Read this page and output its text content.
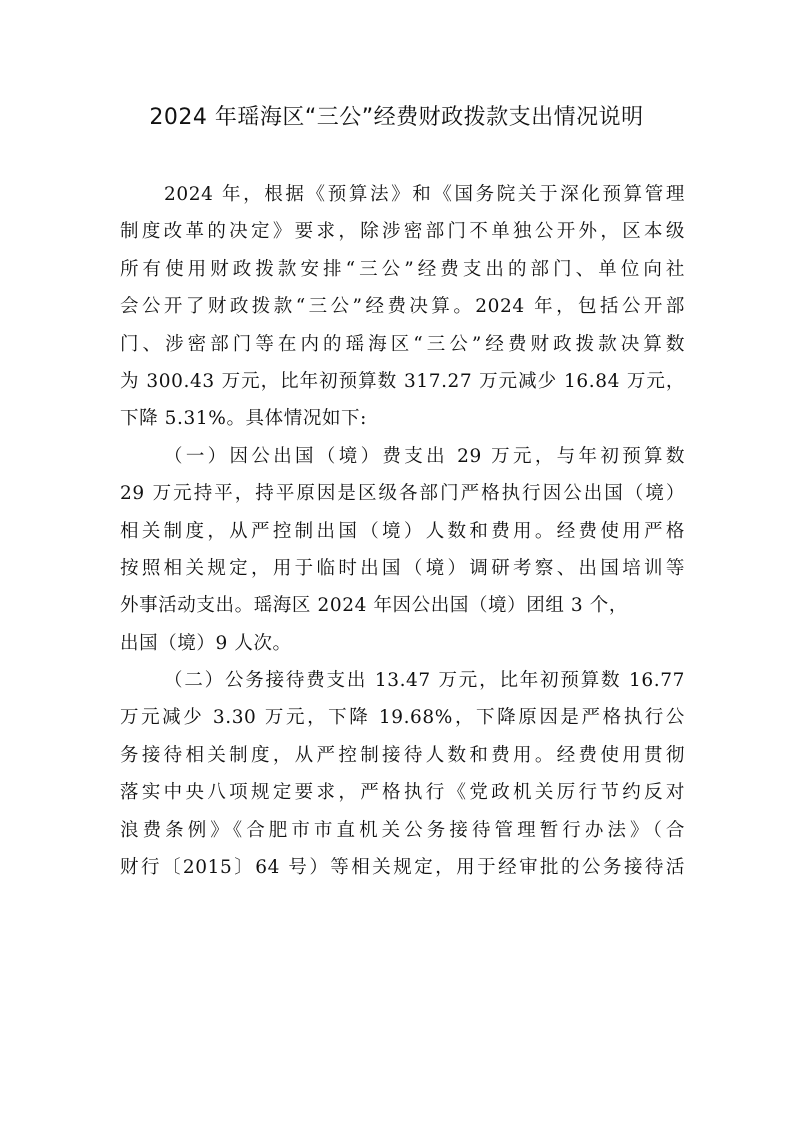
2024 年瑶海区“三公”经费财政拨款支出情况说明
2024 年，根据《预算法》和《国务院关于深化预算管理
制度改革的决定》要求，除涉密部门不单独公开外，区本级
所有使用财政拨款安排“三公”经费支出的部门、单位向社
会公开了财政拨款“三公”经费决算。2024 年，包括公开部
门、涉密部门等在内的瑶海区“三公”经费财政拨款决算数
为 300.43 万元，比年初预算数 317.27 万元减少 16.84 万元，
下降 5.31%。具体情况如下:
（一）因公出国（境）费支出 29 万元，与年初预算数
29 万元持平，持平原因是区级各部门严格执行因公出国（境）
相关制度，从严控制出国（境）人数和费用。经费使用严格
按照相关规定，用于临时出国（境）调研考察、出国培训等
外事活动支出。瑶海区 2024 年因公出国（境）团组 3 个，
出国（境）9 人次。
（二）公务接待费支出 13.47 万元，比年初预算数 16.77
万元减少 3.30 万元，下降 19.68%，下降原因是严格执行公
务接待相关制度，从严控制接待人数和费用。经费使用贯彻
落实中央八项规定要求，严格执行《党政机关厉行节约反对
浪费条例》《合肥市市直机关公务接待管理暂行办法》（合
财行〔2015〕64 号）等相关规定，用于经审批的公务接待活
